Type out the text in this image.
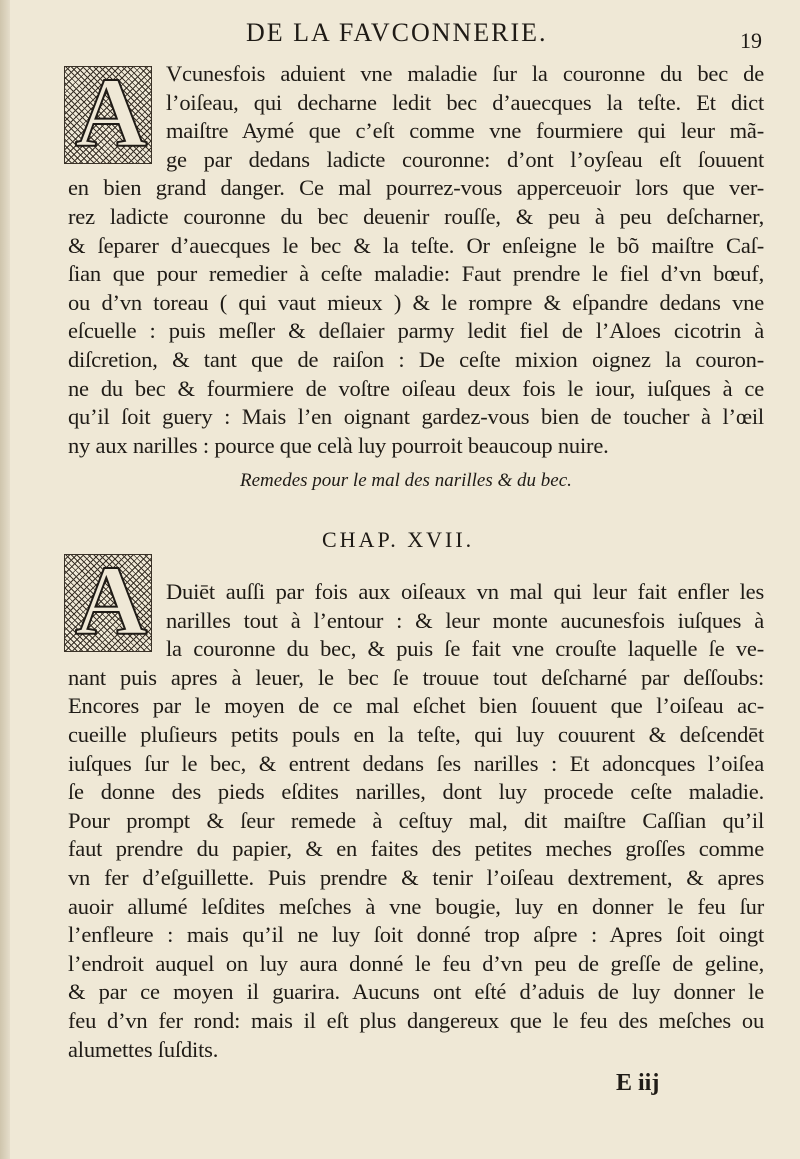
DE LA FAVCONNERIE.	19
A Vcunesfois aduient vne maladie ſur la couronne du bec de
l’oiſeau, qui decharne ledit bec d’auecques la teſte. Et dict
maiſtre Aymé que c’eſt comme vne fourmiere qui leur mã-
ge par dedans ladicte couronne: d’ont l’oyſeau eſt ſouuent
en bien grand danger. Ce mal pourrez-vous apperceuoir lors que ver-
rez ladicte couronne du bec deuenir rouſſe, & peu à peu deſcharner,
& ſeparer d’auecques le bec & la teſte. Or enſeigne le bõ maiſtre Caſ-
ſian que pour remedier à ceſte maladie: Faut prendre le fiel d’vn bœuf,
ou d’vn toreau ( qui vaut mieux ) & le rompre & eſpandre dedans vne
eſcuelle : puis meſler & deſlaier parmy ledit fiel de l’Aloes cicotrin à
diſcretion, & tant que de raiſon : De ceſte mixion oignez la couron-
ne du bec & fourmiere de voſtre oiſeau deux fois le iour, iuſques à ce
qu’il ſoit guery : Mais l’en oignant gardez-vous bien de toucher à l’œil
ny aux narilles : pource que celà luy pourroit beaucoup nuire.
Remedes pour le mal des narilles & du bec.
CHAP. XVII.
A Duiēt auſſi par fois aux oiſeaux vn mal qui leur fait enfler les
narilles tout à l’entour : & leur monte aucunesfois iuſques à
la couronne du bec, & puis ſe fait vne crouſte laquelle ſe ve-
nant puis apres à leuer, le bec ſe trouue tout deſcharné par deſſoubs:
Encores par le moyen de ce mal eſchet bien ſouuent que l’oiſeau ac-
cueille pluſieurs petits pouls en la teſte, qui luy couurent & deſcendēt
iuſques ſur le bec, & entrent dedans ſes narilles : Et adoncques l’oiſea
ſe donne des pieds eſdites narilles, dont luy procede ceſte maladie.
Pour prompt & ſeur remede à ceſtuy mal, dit maiſtre Caſſian qu’il
faut prendre du papier, & en faites des petites meches groſſes comme
vn fer d’eſguillette. Puis prendre & tenir l’oiſeau dextrement, & apres
auoir allumé leſdites meſches à vne bougie, luy en donner le feu ſur
l’enfleure : mais qu’il ne luy ſoit donné trop aſpre : Apres ſoit oingt
l’endroit auquel on luy aura donné le feu d’vn peu de greſſe de geline,
& par ce moyen il guarira. Aucuns ont eſté d’aduis de luy donner le
feu d’vn fer rond: mais il eſt plus dangereux que le feu des meſches ou
alumettes ſuſdits.
E iij
